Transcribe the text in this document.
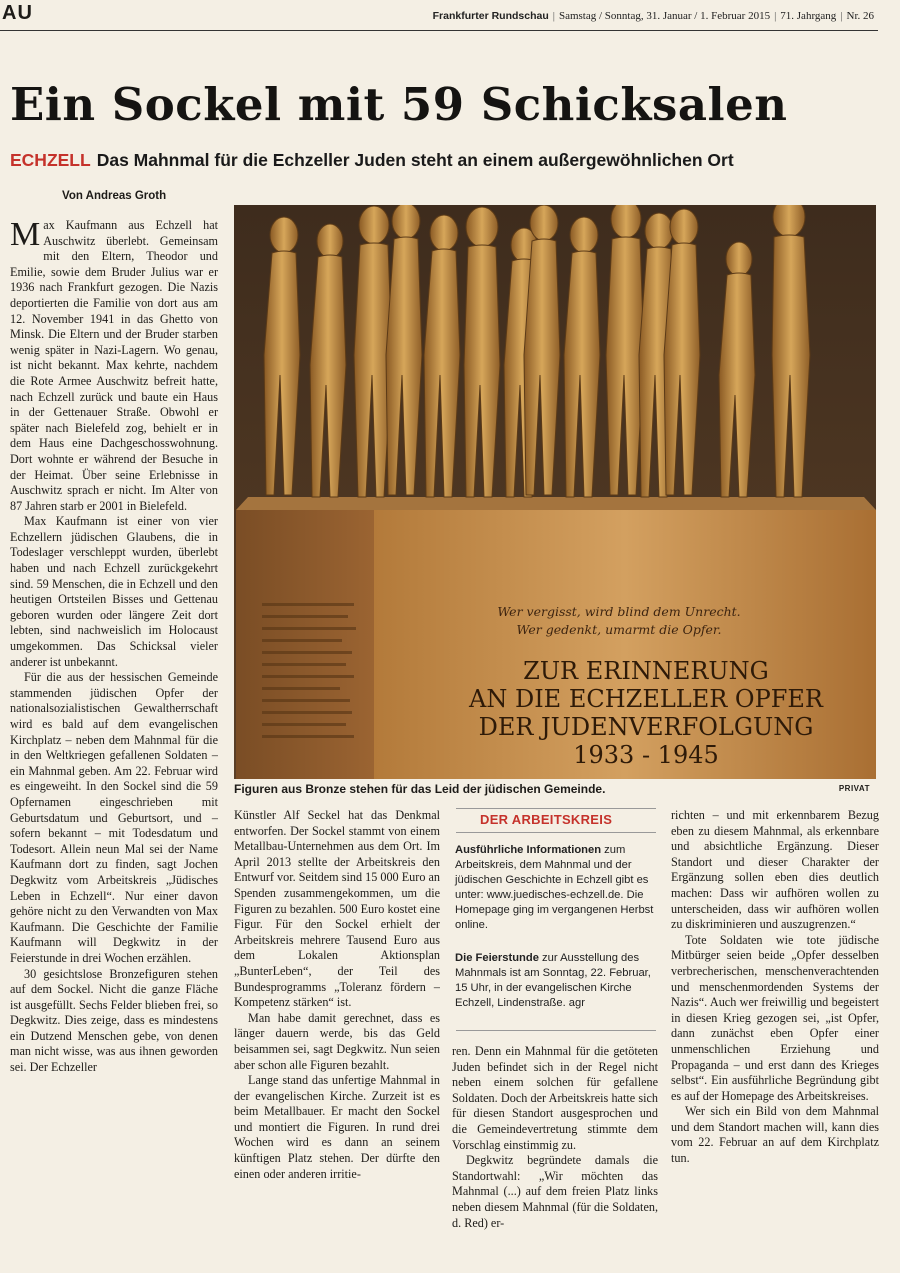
AU	Frankfurter Rundschau | Samstag / Sonntag, 31. Januar / 1. Februar 2015 | 71. Jahrgang | Nr. 26
Ein Sockel mit 59 Schicksalen
ECHZELL Das Mahnmal für die Echzeller Juden steht an einem außergewöhnlichen Ort
Von Andreas Groth

Max Kaufmann aus Echzell hat Auschwitz überlebt. Gemeinsam mit den Eltern, Theodor und Emilie, sowie dem Bruder Julius war er 1936 nach Frankfurt gezogen. Die Nazis deportierten die Familie von dort aus am 12. November 1941 in das Ghetto von Minsk. Die Eltern und der Bruder starben wenig später in Nazi-Lagern. Wo genau, ist nicht bekannt. Max kehrte, nachdem die Rote Armee Auschwitz befreit hatte, nach Echzell zurück und baute ein Haus in der Gettenauer Straße. Obwohl er später nach Bielefeld zog, behielt er in dem Haus eine Dachgeschosswohnung. Dort wohnte er während der Besuche in der Heimat. Über seine Erlebnisse in Auschwitz sprach er nicht. Im Alter von 87 Jahren starb er 2001 in Bielefeld.

Max Kaufmann ist einer von vier Echzellern jüdischen Glaubens, die in Todeslager verschleppt wurden, überlebt haben und nach Echzell zurückgekehrt sind. 59 Menschen, die in Echzell und den heutigen Ortsteilen Bisses und Gettenau geboren wurden oder längere Zeit dort lebten, sind nachweislich im Holocaust umgekommen. Das Schicksal vieler anderer ist unbekannt.

Für die aus der hessischen Gemeinde stammenden jüdischen Opfer der nationalsozialistischen Gewaltherrschaft wird es bald auf dem evangelischen Kirchplatz – neben dem Mahnmal für die in den Weltkriegen gefallenen Soldaten – ein Mahnmal geben. Am 22. Februar wird es eingeweiht. In den Sockel sind die 59 Opfernamen eingeschrieben mit Geburtsdatum und Geburtsort, und – sofern bekannt – mit Todesdatum und Todesort. Allein neun Mal sei der Name Kaufmann dort zu finden, sagt Jochen Degkwitz vom Arbeitskreis „Jüdisches Leben in Echzell“. Nur einer davon gehöre nicht zu den Verwandten von Max Kaufmann. Die Geschichte der Familie Kaufmann will Degkwitz in der Feierstunde in drei Wochen erzählen.

30 gesichtslose Bronzefiguren stehen auf dem Sockel. Nicht die ganze Fläche ist ausgefüllt. Sechs Felder blieben frei, so Degkwitz. Dies zeige, dass es mindestens ein Dutzend Menschen gebe, von denen man nicht wisse, was aus ihnen geworden sei. Der Echzeller

Wer vergisst, wird blind dem Unrecht.
Wer gedenkt, umarmt die Opfer.
ZUR ERINNERUNG
AN DIE ECHZELLER OPFER
DER JUDENVERFOLGUNG
1933 - 1945
Figuren aus Bronze stehen für das Leid der jüdischen Gemeinde.	PRIVAT

Künstler Alf Seckel hat das Denkmal entworfen. Der Sockel stammt von einem Metallbau-Unternehmen aus dem Ort. Im April 2013 stellte der Arbeitskreis den Entwurf vor. Seitdem sind 15 000 Euro an Spenden zusammengekommen, um die Figuren zu bezahlen. 500 Euro kostet eine Figur. Für den Sockel erhielt der Arbeitskreis mehrere Tausend Euro aus dem Lokalen Aktionsplan „BunterLeben“, der Teil des Bundesprogramms „Toleranz fördern – Kompetenz stärken“ ist.

Man habe damit gerechnet, dass es länger dauern werde, bis das Geld beisammen sei, sagt Degkwitz. Nun seien aber schon alle Figuren bezahlt.

Lange stand das unfertige Mahnmal in der evangelischen Kirche. Zurzeit ist es beim Metallbauer. Er macht den Sockel und montiert die Figuren. In rund drei Wochen wird es dann an seinem künftigen Platz stehen. Der dürfte den einen oder anderen irritie-

DER ARBEITSKREIS
Ausführliche Informationen zum Arbeitskreis, dem Mahnmal und der jüdischen Geschichte in Echzell gibt es unter: www.juedisches-echzell.de. Die Homepage ging im vergangenen Herbst online.
Die Feierstunde zur Ausstellung des Mahnmals ist am Sonntag, 22. Februar, 15 Uhr, in der evangelischen Kirche Echzell, Lindenstraße. agr

ren. Denn ein Mahnmal für die getöteten Juden befindet sich in der Regel nicht neben einem solchen für gefallene Soldaten. Doch der Arbeitskreis hatte sich für diesen Standort ausgesprochen und die Gemeindevertretung stimmte dem Vorschlag einstimmig zu.

Degkwitz begründete damals die Standortwahl: „Wir möchten das Mahnmal (...) auf dem freien Platz links neben diesem Mahnmal (für die Soldaten, d. Red) er-

richten – und mit erkennbarem Bezug eben zu diesem Mahnmal, als erkennbare und absichtliche Ergänzung. Dieser Standort und dieser Charakter der Ergänzung sollen eben dies deutlich machen: Dass wir aufhören wollen zu unterscheiden, dass wir aufhören wollen zu diskriminieren und auszugrenzen.“

Tote Soldaten wie tote jüdische Mitbürger seien beide „Opfer desselben verbrecherischen, menschenverachtenden und menschenmordenden Systems der Nazis“. Auch wer freiwillig und begeistert in diesen Krieg gezogen sei, „ist Opfer, dann zunächst eben Opfer einer unmenschlichen Erziehung und Propaganda – und erst dann des Krieges selbst“. Ein ausführliche Begründung gibt es auf der Homepage des Arbeitskreises.

Wer sich ein Bild von dem Mahnmal und dem Standort machen will, kann dies vom 22. Februar an auf dem Kirchplatz tun.
